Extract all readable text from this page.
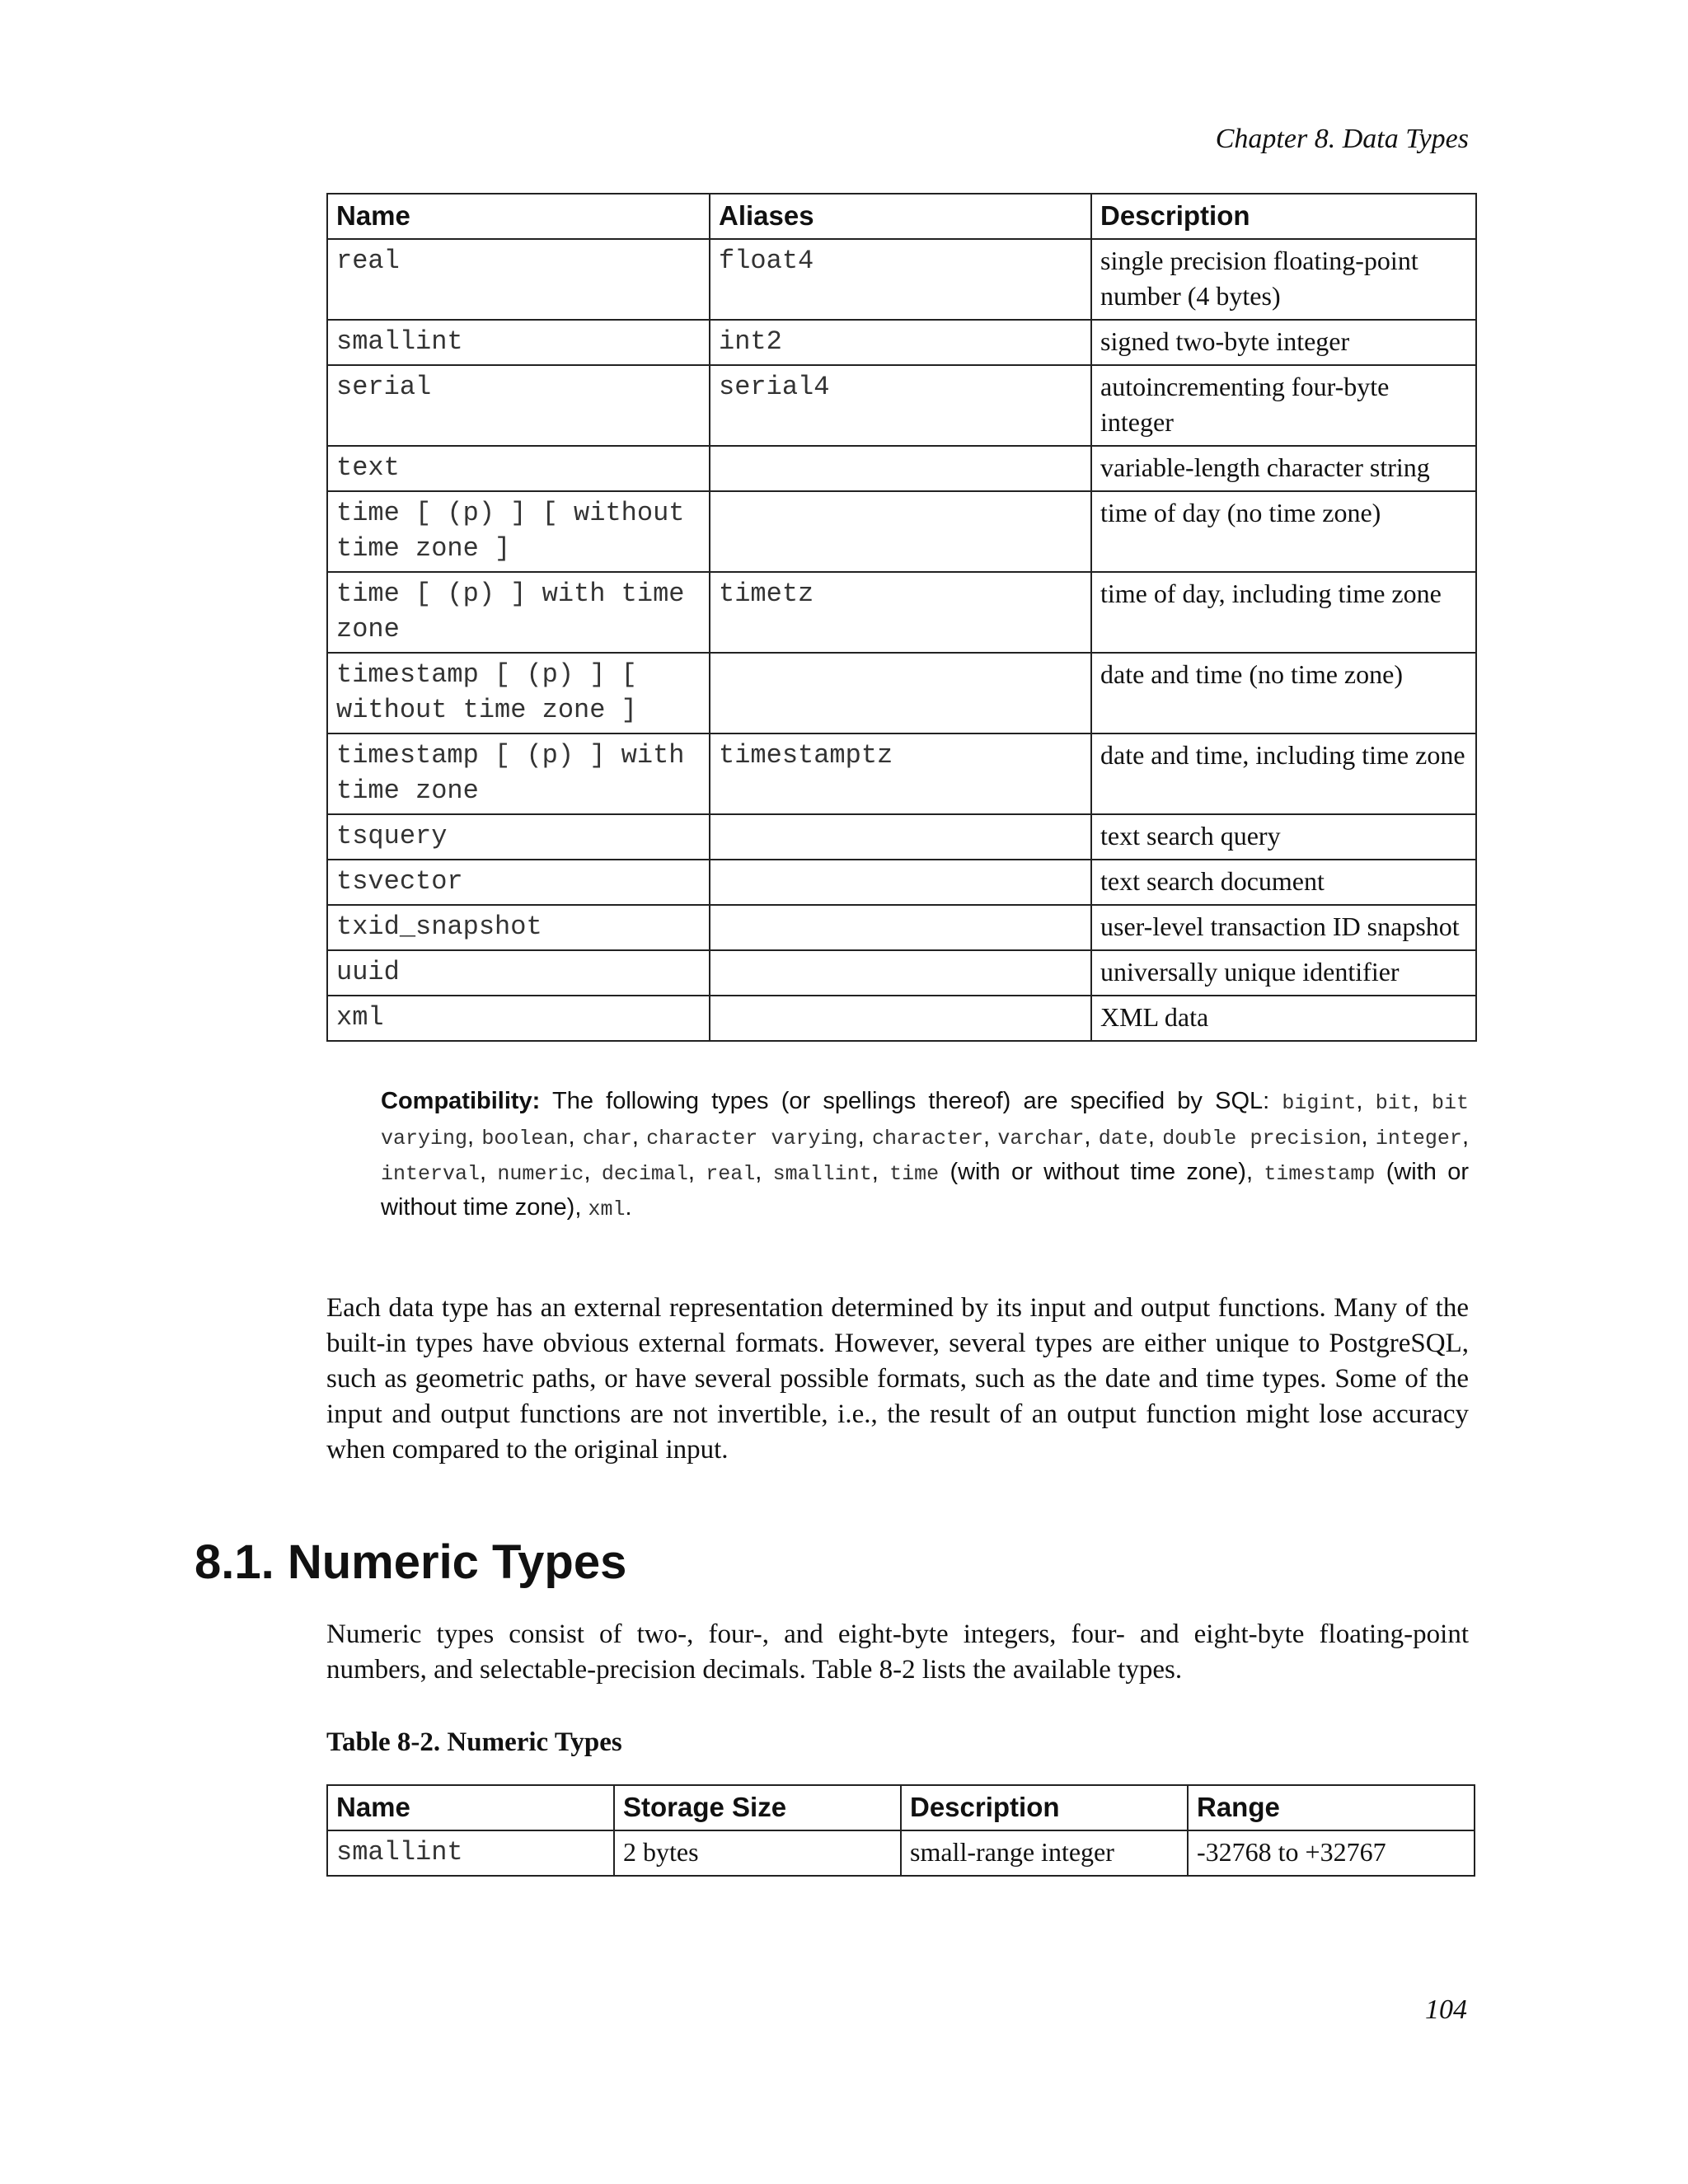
Chapter 8. Data Types
Name	Aliases	Description
real	float4	single precision floating-point number (4 bytes)
smallint	int2	signed two-byte integer
serial	serial4	autoincrementing four-byte integer
text		variable-length character string
time [ (p) ] [ without time zone ]		time of day (no time zone)
time [ (p) ] with time zone	timetz	time of day, including time zone
timestamp [ (p) ] [ without time zone ]		date and time (no time zone)
timestamp [ (p) ] with time zone	timestamptz	date and time, including time zone
tsquery		text search query
tsvector		text search document
txid_snapshot		user-level transaction ID snapshot
uuid		universally unique identifier
xml		XML data
Compatibility: The following types (or spellings thereof) are specified by SQL: bigint, bit, bit varying, boolean, char, character varying, character, varchar, date, double precision, integer, interval, numeric, decimal, real, smallint, time (with or without time zone), timestamp (with or without time zone), xml.

Each data type has an external representation determined by its input and output functions. Many of the built-in types have obvious external formats. However, several types are either unique to PostgreSQL, such as geometric paths, or have several possible formats, such as the date and time types. Some of the input and output functions are not invertible, i.e., the result of an output function might lose accuracy when compared to the original input.

8.1. Numeric Types

Numeric types consist of two-, four-, and eight-byte integers, four- and eight-byte floating-point numbers, and selectable-precision decimals. Table 8-2 lists the available types.

Table 8-2. Numeric Types

Name	Storage Size	Description	Range
smallint	2 bytes	small-range integer	-32768 to +32767
104
